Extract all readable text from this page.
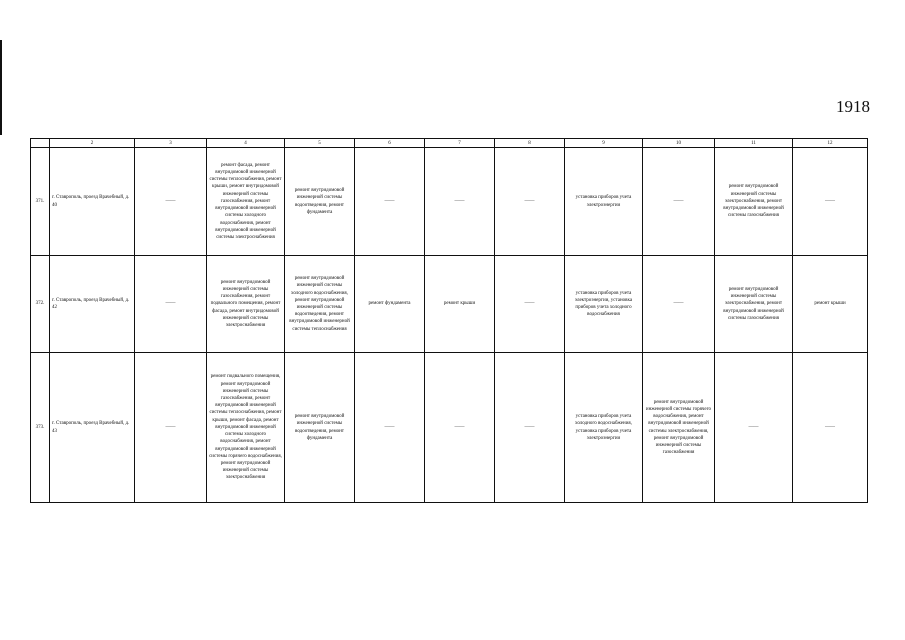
1918
	2	3	4	5	6	7	8	9	10	11	12
371.	г. Ставрополь, проезд Врачебный, д. 40	——	ремонт фасада, ремонт внутридомовой инженерной системы теплоснабжения, ремонт крыши, ремонт внутридомовой инженерной системы газоснабжения, ремонт внутридомовой инженерной системы холодного водоснабжения, ремонт внутридомовой инженерной системы электроснабжения	ремонт внутридомовой инженерной системы водоотведения, ремонт фундамента	——	——	——	установка приборов учета электроэнергии	——	ремонт внутридомовой инженерной системы электроснабжения, ремонт внутридомовой инженерной системы газоснабжения	——
372.	г. Ставрополь, проезд Врачебный, д. 42	——	ремонт внутридомовой инженерной системы газоснабжения, ремонт подвального помещения, ремонт фасада, ремонт внутридомовой инженерной системы электроснабжения	ремонт внутридомовой инженерной системы холодного водоснабжения, ремонт внутридомовой инженерной системы водоотведения, ремонт внутридомовой инженерной системы теплоснабжения	ремонт фундамента	ремонт крыши	——	установка приборов учета электроэнергии, установка приборов учета холодного водоснабжения	——	ремонт внутридомовой инженерной системы электроснабжения, ремонт внутридомовой инженерной системы газоснабжения	ремонт крыши
373.	г. Ставрополь, проезд Врачебный, д. 43	——	ремонт подвального помещения, ремонт внутридомовой инженерной системы газоснабжения, ремонт внутридомовой инженерной системы теплоснабжения, ремонт крыши, ремонт фасада, ремонт внутридомовой инженерной системы холодного водоснабжения, ремонт внутридомовой инженерной системы горячего водоснабжения, ремонт внутридомовой инженерной системы электроснабжения	ремонт внутридомовой инженерной системы водоотведения, ремонт фундамента	——	——	——	установка приборов учета холодного водоснабжения, установка приборов учета электроэнергии	ремонт внутридомовой инженерной системы горячего водоснабжения, ремонт внутридомовой инженерной системы электроснабжения, ремонт внутридомовой инженерной системы газоснабжения	——	——
